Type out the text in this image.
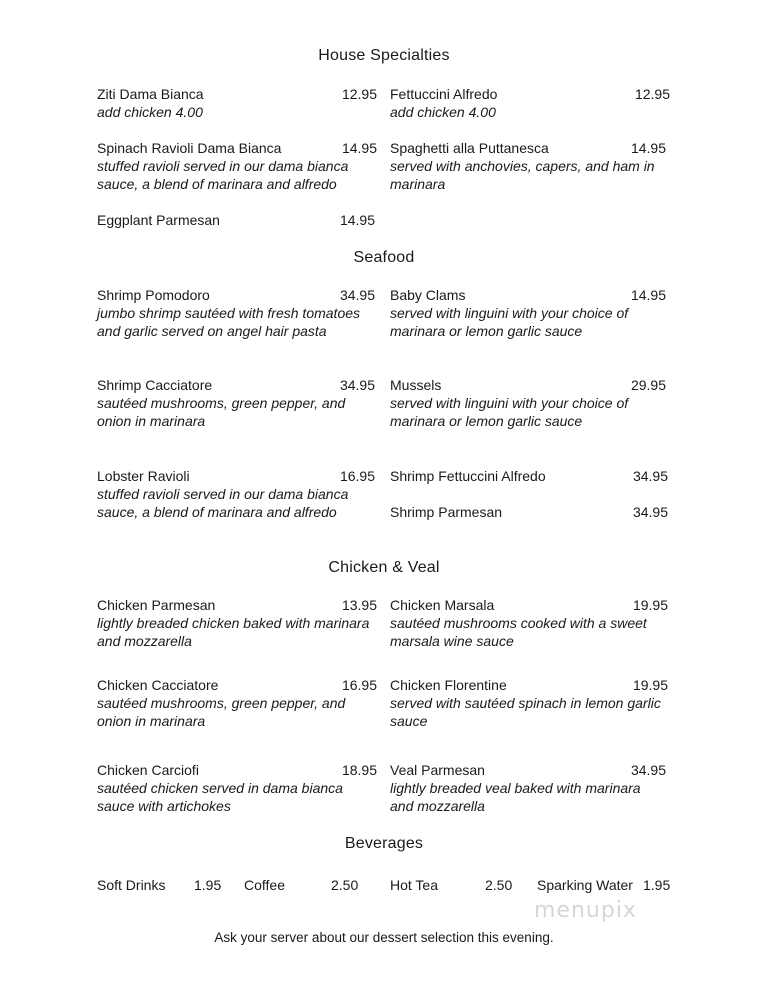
House Specialties
Ziti Dama Bianca	12.95
add chicken 4.00
Fettuccini Alfredo	12.95
add chicken 4.00
Spinach Ravioli Dama Bianca	14.95
stuffed ravioli served in our dama bianca sauce, a blend of marinara and alfredo
Spaghetti alla Puttanesca	14.95
served with anchovies, capers, and ham in marinara
Eggplant Parmesan	14.95
Seafood
Shrimp Pomodoro	34.95
jumbo shrimp sautéed with fresh tomatoes and garlic served on angel hair pasta
Baby Clams	14.95
served with linguini with your choice of marinara or lemon garlic sauce
Shrimp Cacciatore	34.95
sautéed mushrooms, green pepper, and onion in marinara
Mussels	29.95
served with linguini with your choice of marinara or lemon garlic sauce
Lobster Ravioli	16.95
stuffed ravioli served in our dama bianca sauce, a blend of marinara and alfredo
Shrimp Fettuccini Alfredo	34.95
Shrimp Parmesan	34.95
Chicken & Veal
Chicken Parmesan	13.95
lightly breaded chicken baked with marinara and mozzarella
Chicken Marsala	19.95
sautéed mushrooms cooked with a sweet marsala wine sauce
Chicken Cacciatore	16.95
sautéed mushrooms, green pepper, and onion in marinara
Chicken Florentine	19.95
served with sautéed spinach in lemon garlic sauce
Chicken Carciofi	18.95
sautéed chicken served in dama bianca sauce with artichokes
Veal Parmesan	34.95
lightly breaded veal baked with marinara and mozzarella
Beverages
Soft Drinks 1.95 Coffee	2.50 Hot Tea	2.50 Sparking Water 1.95
menupix
Ask your server about our dessert selection this evening.
